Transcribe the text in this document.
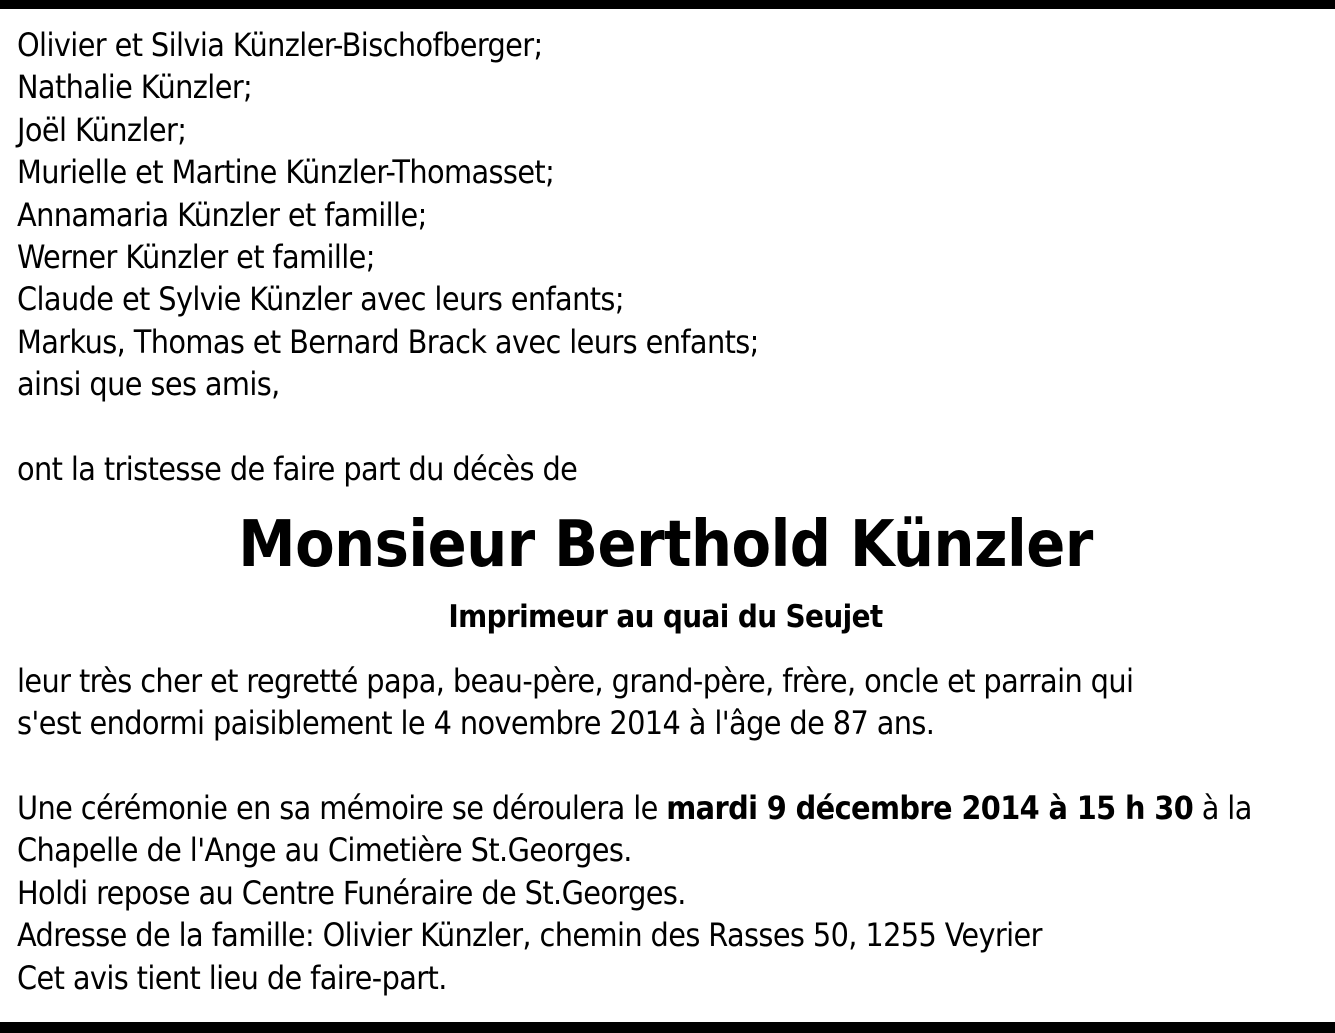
Olivier et Silvia Künzler-Bischofberger;
Nathalie Künzler;
Joël Künzler;
Murielle et Martine Künzler-Thomasset;
Annamaria Künzler et famille;
Werner Künzler et famille;
Claude et Sylvie Künzler avec leurs enfants;
Markus, Thomas et Bernard Brack avec leurs enfants;
ainsi que ses amis,
ont la tristesse de faire part du décès de
Monsieur Berthold Künzler
Imprimeur au quai du Seujet
leur très cher et regretté papa, beau-père, grand-père, frère, oncle et parrain qui
s'est endormi paisiblement le 4 novembre 2014 à l'âge de 87 ans.
Une cérémonie en sa mémoire se déroulera le mardi 9 décembre 2014 à 15 h 30 à la
Chapelle de l'Ange au Cimetière St.Georges.
Holdi repose au Centre Funéraire de St.Georges.
Adresse de la famille: Olivier Künzler, chemin des Rasses 50, 1255 Veyrier
Cet avis tient lieu de faire-part.
